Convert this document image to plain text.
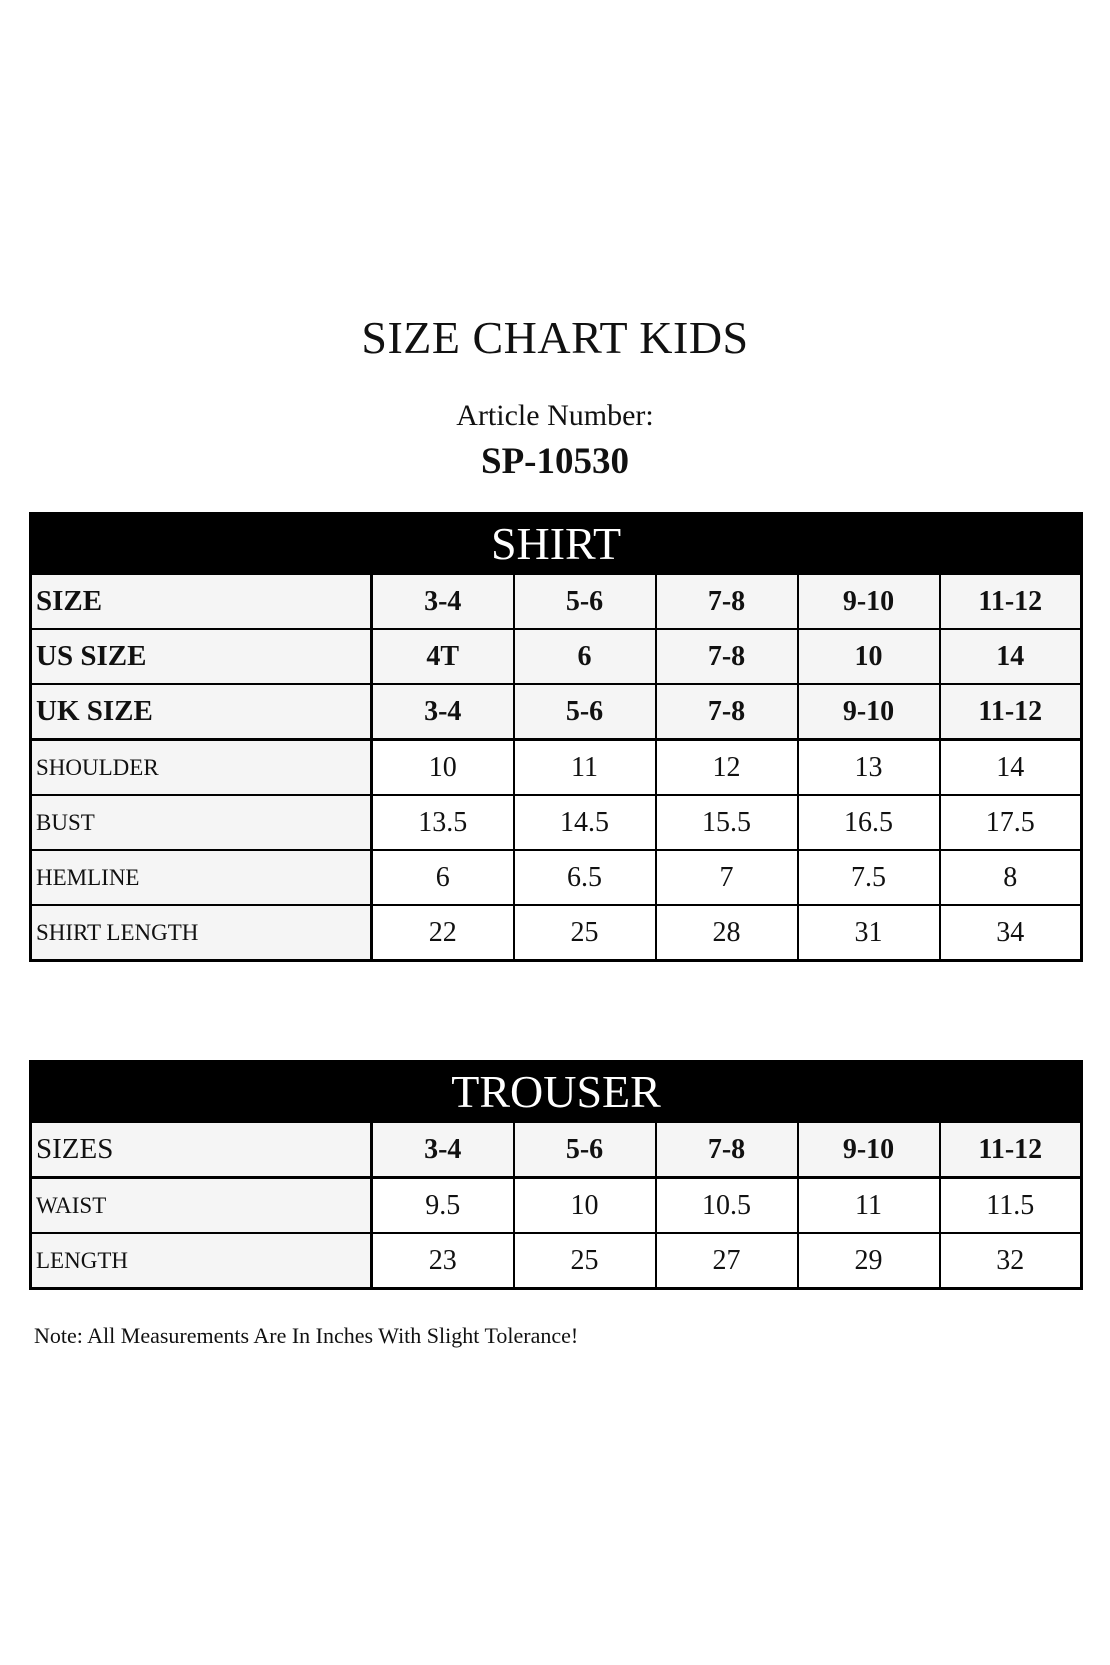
SIZE CHART KIDS
Article Number:
SP-10530
SHIRT					
SIZE	3-4	5-6	7-8	9-10	11-12
US SIZE	4T	6	7-8	10	14
UK SIZE	3-4	5-6	7-8	9-10	11-12
SHOULDER	10	11	12	13	14
BUST	13.5	14.5	15.5	16.5	17.5
HEMLINE	6	6.5	7	7.5	8
SHIRT LENGTH	22	25	28	31	34
TROUSER					
SIZES	3-4	5-6	7-8	9-10	11-12
WAIST	9.5	10	10.5	11	11.5
LENGTH	23	25	27	29	32
Note: All Measurements Are In Inches With Slight Tolerance!
